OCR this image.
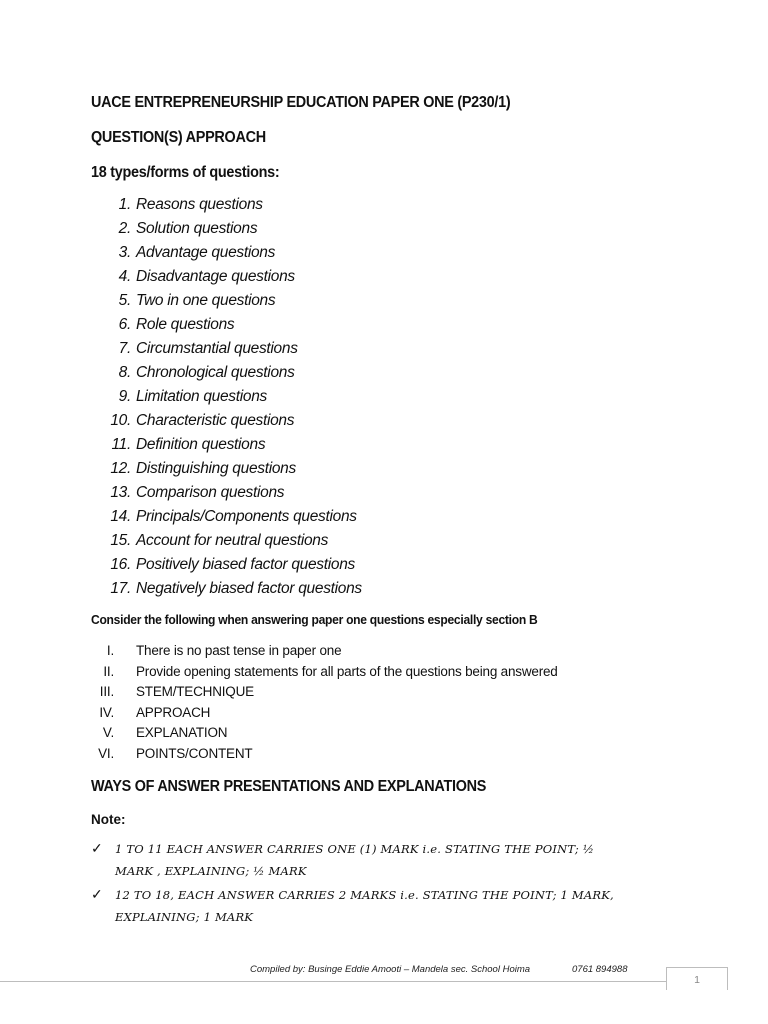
UACE ENTREPRENEURSHIP EDUCATION PAPER ONE (P230/1)
QUESTION(S) APPROACH
18 types/forms of questions:
1. Reasons questions
2. Solution questions
3. Advantage questions
4. Disadvantage questions
5. Two in one questions
6. Role questions
7. Circumstantial questions
8. Chronological questions
9. Limitation questions
10. Characteristic questions
11. Definition questions
12. Distinguishing questions
13. Comparison questions
14. Principals/Components questions
15. Account for neutral questions
16. Positively biased factor questions
17. Negatively biased factor questions
Consider the following when answering paper one questions especially section B
I. There is no past tense in paper one
II. Provide opening statements for all parts of the questions being answered
III. STEM/TECHNIQUE
IV. APPROACH
V. EXPLANATION
VI. POINTS/CONTENT
WAYS OF ANSWER PRESENTATIONS AND EXPLANATIONS
Note:
✓ 1 TO 11 EACH ANSWER CARRIES ONE (1) MARK i.e. STATING THE POINT; ½
MARK , EXPLAINING; ½ MARK
✓ 12 TO 18, EACH ANSWER CARRIES 2 MARKS i.e. STATING THE POINT; 1 MARK,
EXPLAINING; 1 MARK
Compiled by: Businge Eddie Amooti – Mandela sec. School Hoima	0761 894988
1
